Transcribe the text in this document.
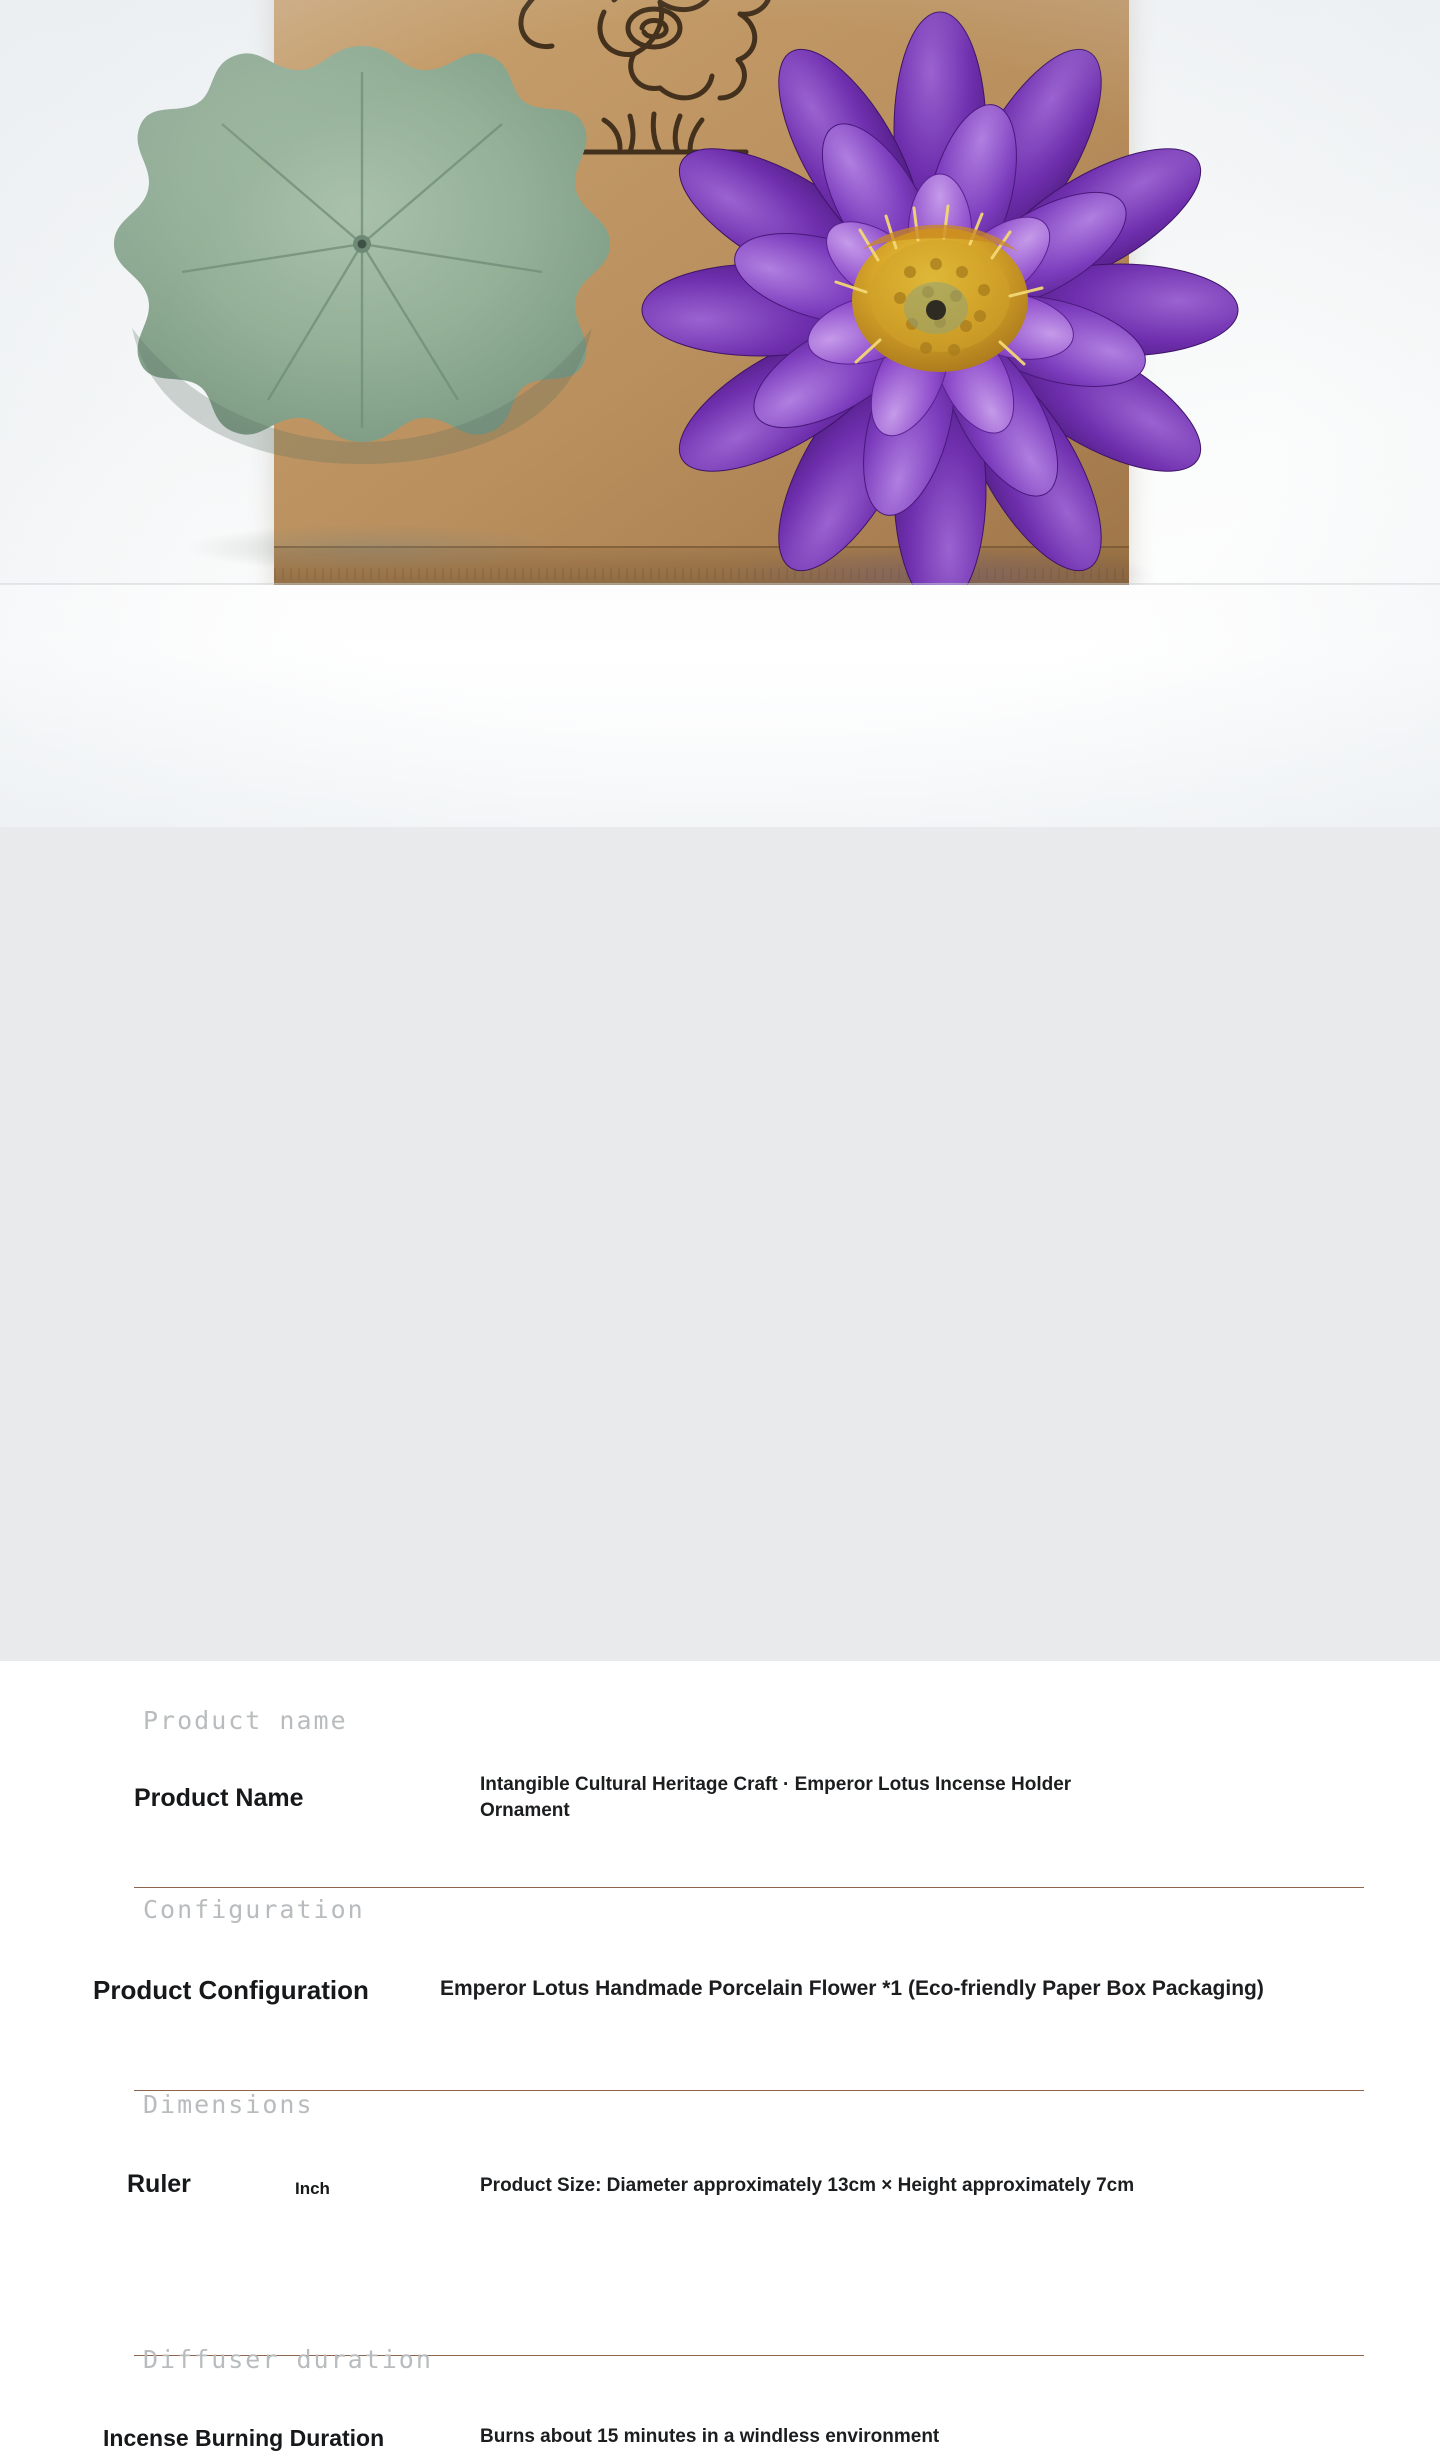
Product name
Product Name	Intangible Cultural Heritage Craft · Emperor Lotus Incense Holder Ornament
Configuration
Product Configuration	Emperor Lotus Handmade Porcelain Flower *1 (Eco-friendly Paper Box Packaging)
Dimensions
Ruler	Inch	Product Size: Diameter approximately 13cm × Height approximately 7cm
Diffuser duration
Incense Burning Duration	Burns about 15 minutes in a windless environment
